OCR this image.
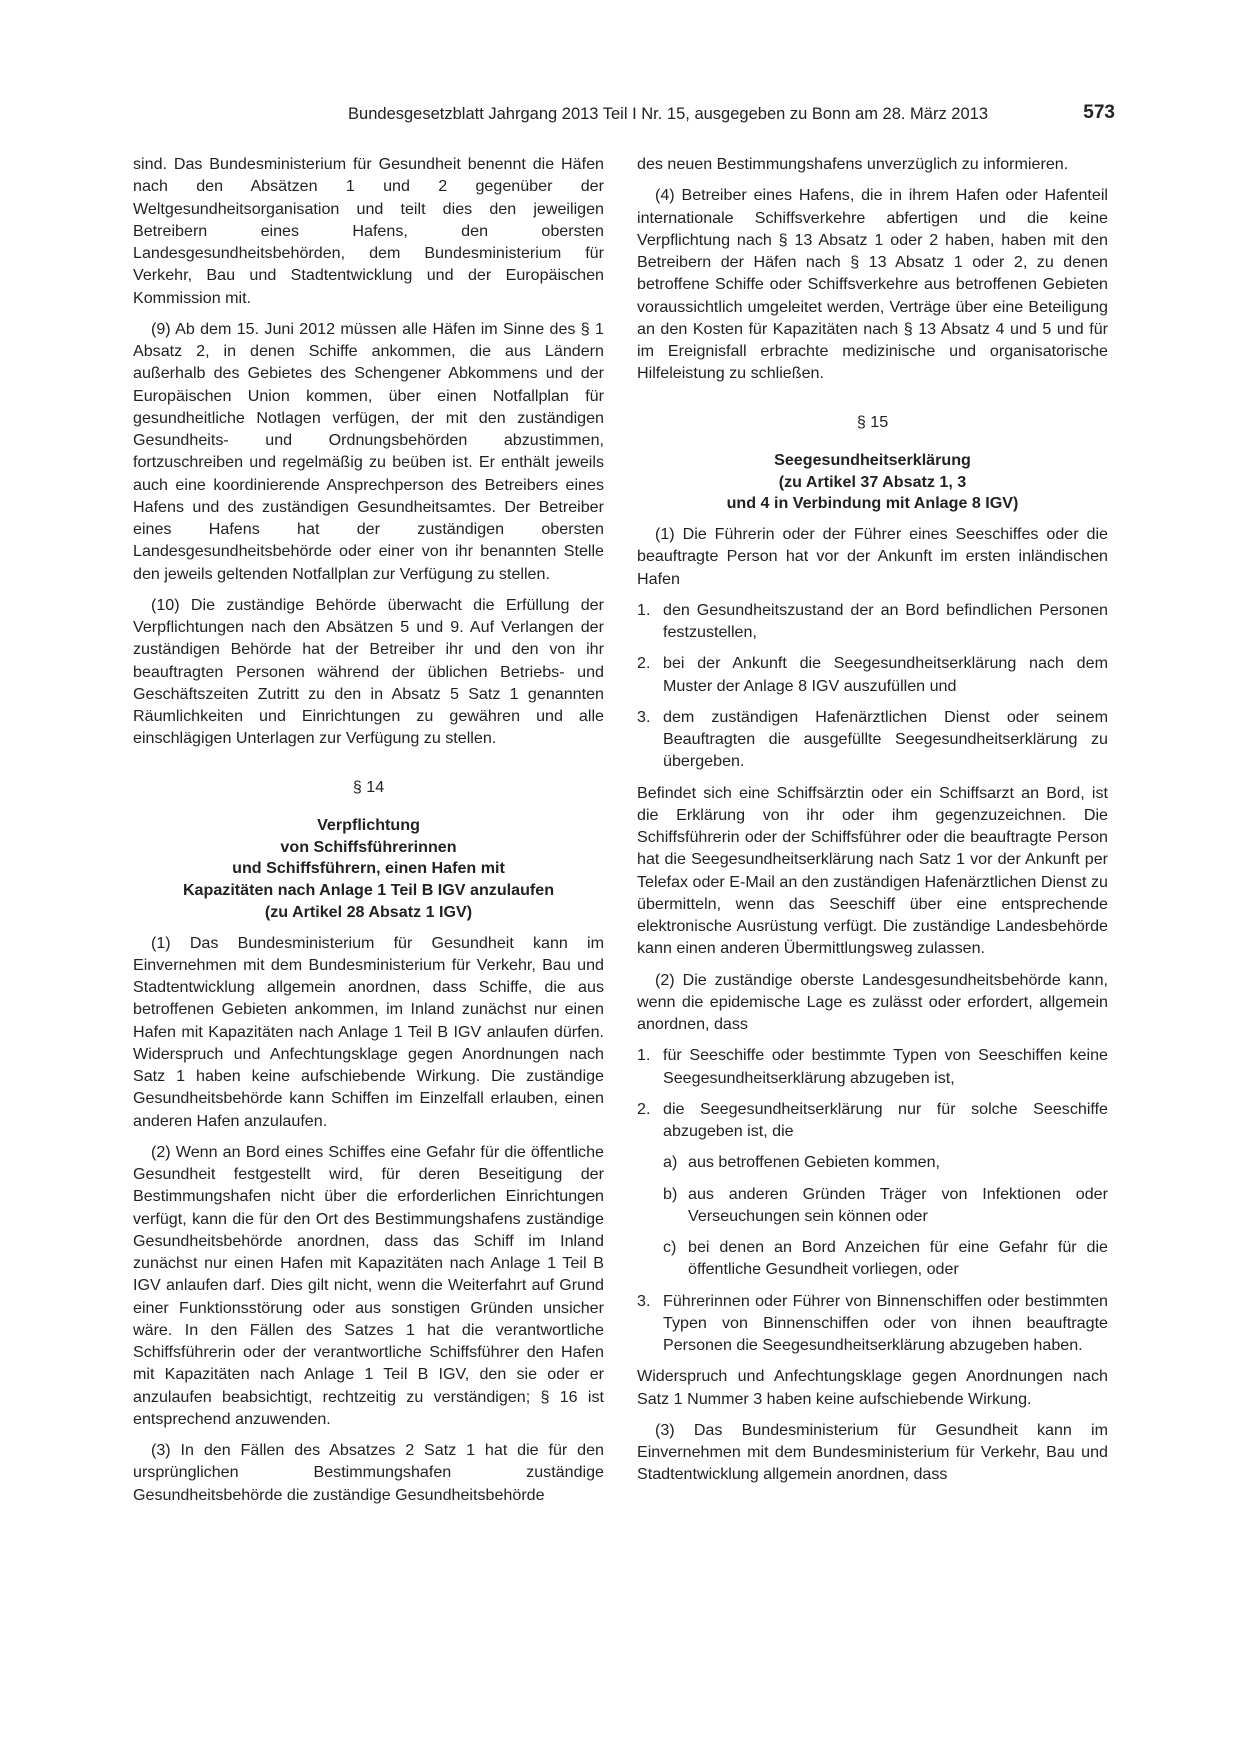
Bundesgesetzblatt Jahrgang 2013 Teil I Nr. 15, ausgegeben zu Bonn am 28. März 2013	573

sind. Das Bundesministerium für Gesundheit benennt die Häfen nach den Absätzen 1 und 2 gegenüber der Weltgesundheitsorganisation und teilt dies den jeweiligen Betreibern eines Hafens, den obersten Landesgesundheitsbehörden, dem Bundesministerium für Verkehr, Bau und Stadtentwicklung und der Europäischen Kommission mit.

(9) Ab dem 15. Juni 2012 müssen alle Häfen im Sinne des § 1 Absatz 2, in denen Schiffe ankommen, die aus Ländern außerhalb des Gebietes des Schengener Abkommens und der Europäischen Union kommen, über einen Notfallplan für gesundheitliche Notlagen verfügen, der mit den zuständigen Gesundheits- und Ordnungsbehörden abzustimmen, fortzuschreiben und regelmäßig zu beüben ist. Er enthält jeweils auch eine koordinierende Ansprechperson des Betreibers eines Hafens und des zuständigen Gesundheitsamtes. Der Betreiber eines Hafens hat der zuständigen obersten Landesgesundheitsbehörde oder einer von ihr benannten Stelle den jeweils geltenden Notfallplan zur Verfügung zu stellen.

(10) Die zuständige Behörde überwacht die Erfüllung der Verpflichtungen nach den Absätzen 5 und 9. Auf Verlangen der zuständigen Behörde hat der Betreiber ihr und den von ihr beauftragten Personen während der üblichen Betriebs- und Geschäftszeiten Zutritt zu den in Absatz 5 Satz 1 genannten Räumlichkeiten und Einrichtungen zu gewähren und alle einschlägigen Unterlagen zur Verfügung zu stellen.

§ 14
Verpflichtung
von Schiffsführerinnen
und Schiffsführern, einen Hafen mit
Kapazitäten nach Anlage 1 Teil B IGV anzulaufen
(zu Artikel 28 Absatz 1 IGV)

(1) Das Bundesministerium für Gesundheit kann im Einvernehmen mit dem Bundesministerium für Verkehr, Bau und Stadtentwicklung allgemein anordnen, dass Schiffe, die aus betroffenen Gebieten ankommen, im Inland zunächst nur einen Hafen mit Kapazitäten nach Anlage 1 Teil B IGV anlaufen dürfen. Widerspruch und Anfechtungsklage gegen Anordnungen nach Satz 1 haben keine aufschiebende Wirkung. Die zuständige Gesundheitsbehörde kann Schiffen im Einzelfall erlauben, einen anderen Hafen anzulaufen.

(2) Wenn an Bord eines Schiffes eine Gefahr für die öffentliche Gesundheit festgestellt wird, für deren Beseitigung der Bestimmungshafen nicht über die erforderlichen Einrichtungen verfügt, kann die für den Ort des Bestimmungshafens zuständige Gesundheitsbehörde anordnen, dass das Schiff im Inland zunächst nur einen Hafen mit Kapazitäten nach Anlage 1 Teil B IGV anlaufen darf. Dies gilt nicht, wenn die Weiterfahrt auf Grund einer Funktionsstörung oder aus sonstigen Gründen unsicher wäre. In den Fällen des Satzes 1 hat die verantwortliche Schiffsführerin oder der verantwortliche Schiffsführer den Hafen mit Kapazitäten nach Anlage 1 Teil B IGV, den sie oder er anzulaufen beabsichtigt, rechtzeitig zu verständigen; § 16 ist entsprechend anzuwenden.

(3) In den Fällen des Absatzes 2 Satz 1 hat die für den ursprünglichen Bestimmungshafen zuständige Gesundheitsbehörde die zuständige Gesundheitsbehörde

des neuen Bestimmungshafens unverzüglich zu informieren.

(4) Betreiber eines Hafens, die in ihrem Hafen oder Hafenteil internationale Schiffsverkehre abfertigen und die keine Verpflichtung nach § 13 Absatz 1 oder 2 haben, haben mit den Betreibern der Häfen nach § 13 Absatz 1 oder 2, zu denen betroffene Schiffe oder Schiffsverkehre aus betroffenen Gebieten voraussichtlich umgeleitet werden, Verträge über eine Beteiligung an den Kosten für Kapazitäten nach § 13 Absatz 4 und 5 und für im Ereignisfall erbrachte medizinische und organisatorische Hilfeleistung zu schließen.

§ 15
Seegesundheitserklärung
(zu Artikel 37 Absatz 1, 3
und 4 in Verbindung mit Anlage 8 IGV)

(1) Die Führerin oder der Führer eines Seeschiffes oder die beauftragte Person hat vor der Ankunft im ersten inländischen Hafen

1. den Gesundheitszustand der an Bord befindlichen Personen festzustellen,
2. bei der Ankunft die Seegesundheitserklärung nach dem Muster der Anlage 8 IGV auszufüllen und
3. dem zuständigen Hafenärztlichen Dienst oder seinem Beauftragten die ausgefüllte Seegesundheitserklärung zu übergeben.

Befindet sich eine Schiffsärztin oder ein Schiffsarzt an Bord, ist die Erklärung von ihr oder ihm gegenzuzeichnen. Die Schiffsführerin oder der Schiffsführer oder die beauftragte Person hat die Seegesundheitserklärung nach Satz 1 vor der Ankunft per Telefax oder E-Mail an den zuständigen Hafenärztlichen Dienst zu übermitteln, wenn das Seeschiff über eine entsprechende elektronische Ausrüstung verfügt. Die zuständige Landesbehörde kann einen anderen Übermittlungsweg zulassen.

(2) Die zuständige oberste Landesgesundheitsbehörde kann, wenn die epidemische Lage es zulässt oder erfordert, allgemein anordnen, dass

1. für Seeschiffe oder bestimmte Typen von Seeschiffen keine Seegesundheitserklärung abzugeben ist,
2. die Seegesundheitserklärung nur für solche Seeschiffe abzugeben ist, die
a) aus betroffenen Gebieten kommen,
b) aus anderen Gründen Träger von Infektionen oder Verseuchungen sein können oder
c) bei denen an Bord Anzeichen für eine Gefahr für die öffentliche Gesundheit vorliegen, oder
3. Führerinnen oder Führer von Binnenschiffen oder bestimmten Typen von Binnenschiffen oder von ihnen beauftragte Personen die Seegesundheitserklärung abzugeben haben.

Widerspruch und Anfechtungsklage gegen Anordnungen nach Satz 1 Nummer 3 haben keine aufschiebende Wirkung.

(3) Das Bundesministerium für Gesundheit kann im Einvernehmen mit dem Bundesministerium für Verkehr, Bau und Stadtentwicklung allgemein anordnen, dass
